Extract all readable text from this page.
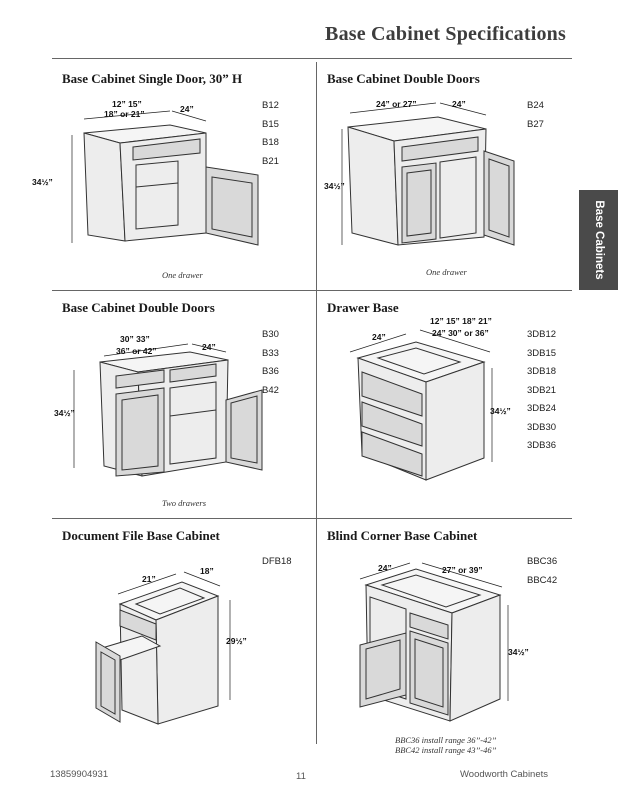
Base Cabinet Specifications
Base Cabinets
Base Cabinet Single Door, 30” H
B12
B15
B18
B21
12” 15”
18” or 21”	24”
34½”
One drawer
Base Cabinet Double Doors
B24
B27
24” or 27”	24”
34½”
One drawer
Base Cabinet Double Doors
B30
B33
B36
B42
30” 33”
36” or 42”	24”
34½”
Two drawers
Drawer Base
3DB12
3DB15
3DB18
3DB21
3DB24
3DB30
3DB36
24”
12” 15” 18” 21”
24” 30” or 36”
34½”
Document File Base Cabinet
DFB18
21”
18”
29½”
Blind Corner Base Cabinet
BBC36
BBC42
24”	27” or 39”
34½”
BBC36 install range 36’’-42’’
BBC42 install range 43’’-46’’
13859904931	11	Woodworth Cabinets
